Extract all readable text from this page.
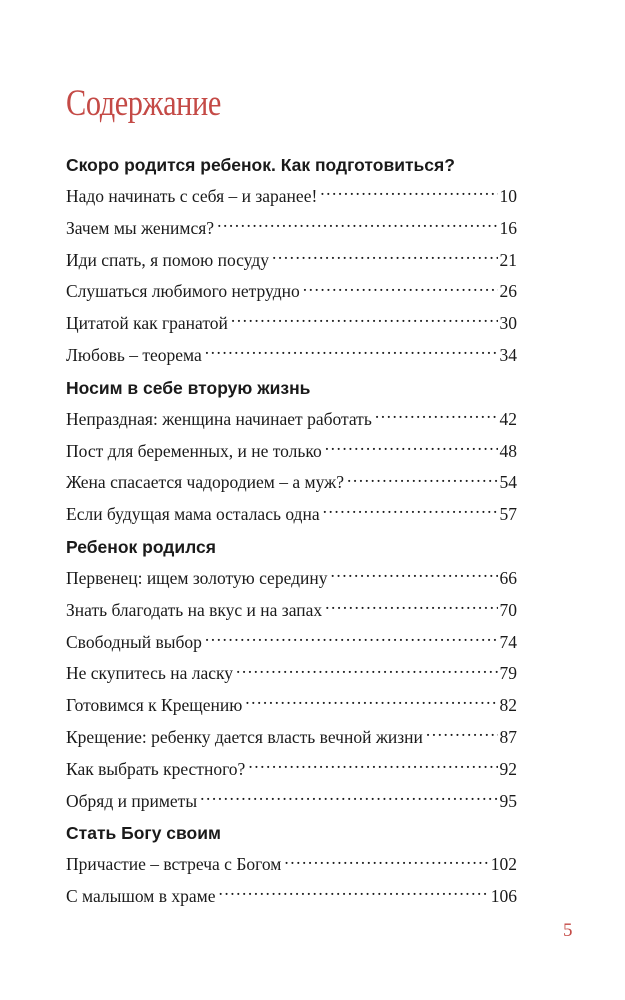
Содержание
Скоро родится ребенок. Как подготовиться?
Надо начинать с себя – и заранее! .....	10
Зачем мы женимся? .....	16
Иди спать, я помою посуду .....	21
Слушаться любимого нетрудно .....	26
Цитатой как гранатой .....	30
Любовь – теорема .....	34
Носим в себе вторую жизнь
Непраздная: женщина начинает работать .....	42
Пост для беременных, и не только .....	48
Жена спасается чадородием – а муж? .....	54
Если будущая мама осталась одна .....	57
Ребенок родился
Первенец: ищем золотую середину .....	66
Знать благодать на вкус и на запах .....	70
Свободный выбор .....	74
Не скупитесь на ласку .....	79
Готовимся к Крещению .....	82
Крещение: ребенку дается власть вечной жизни .....	87
Как выбрать крестного? .....	92
Обряд и приметы .....	95
Стать Богу своим
Причастие – встреча с Богом .....	102
С малышом в храме .....	106
5
